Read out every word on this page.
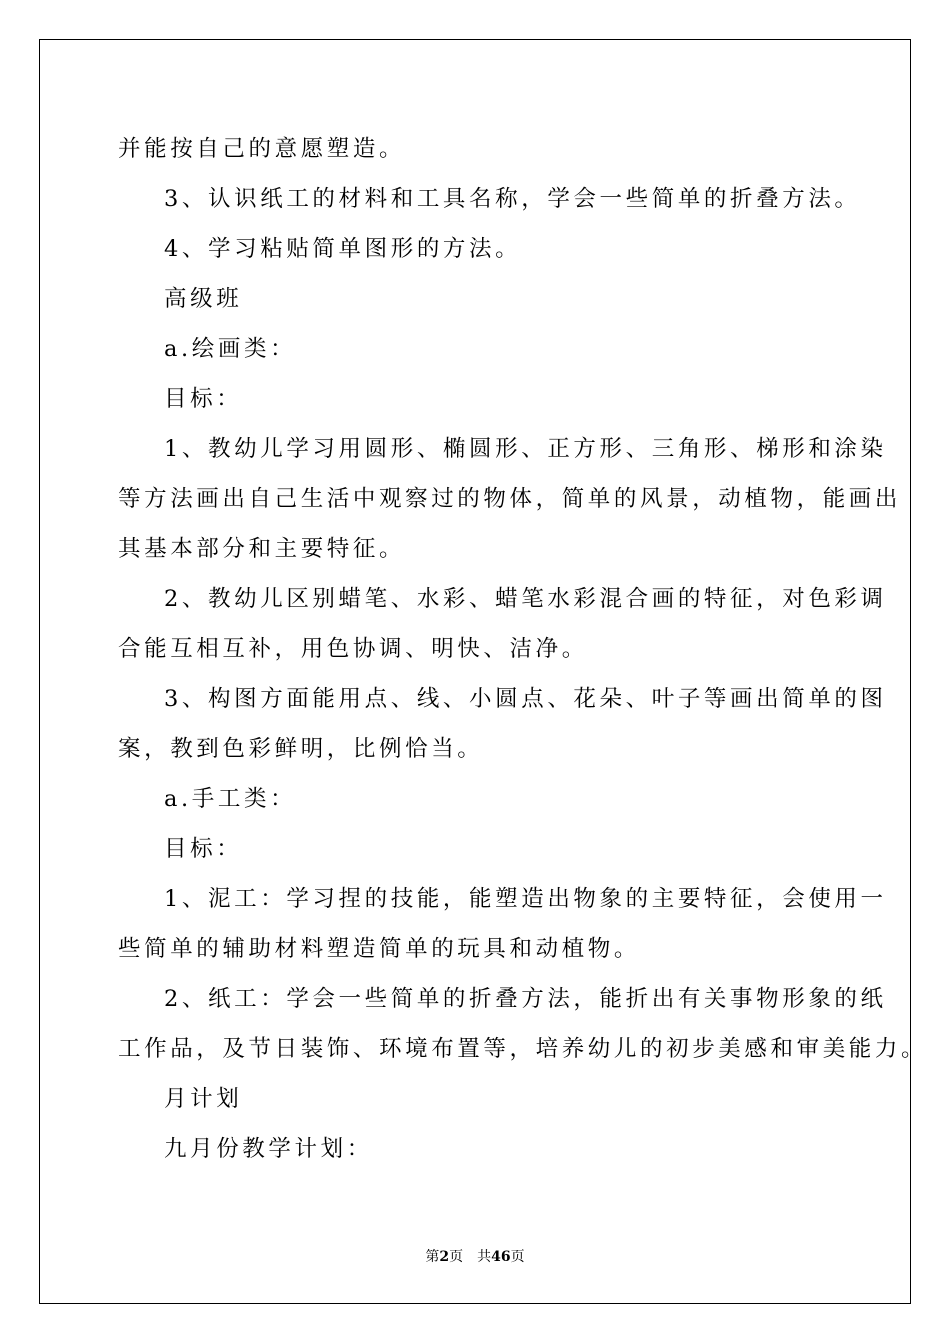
并能按自己的意愿塑造。

3、认识纸工的材料和工具名称，学会一些简单的折叠方法。

4、学习粘贴简单图形的方法。

高级班

a.绘画类：

目标：

1、教幼儿学习用圆形、椭圆形、正方形、三角形、梯形和涂染

等方法画出自己生活中观察过的物体，简单的风景，动植物，能画出

其基本部分和主要特征。

2、教幼儿区别蜡笔、水彩、蜡笔水彩混合画的特征，对色彩调

合能互相互补，用色协调、明快、洁净。

3、构图方面能用点、线、小圆点、花朵、叶子等画出简单的图

案，教到色彩鲜明，比例恰当。

a.手工类：

目标：

1、泥工：学习捏的技能，能塑造出物象的主要特征，会使用一

些简单的辅助材料塑造简单的玩具和动植物。

2、纸工：学会一些简单的折叠方法，能折出有关事物形象的纸

工作品，及节日装饰、环境布置等，培养幼儿的初步美感和审美能力。

月计划

九月份教学计划：

第2页　共46页
